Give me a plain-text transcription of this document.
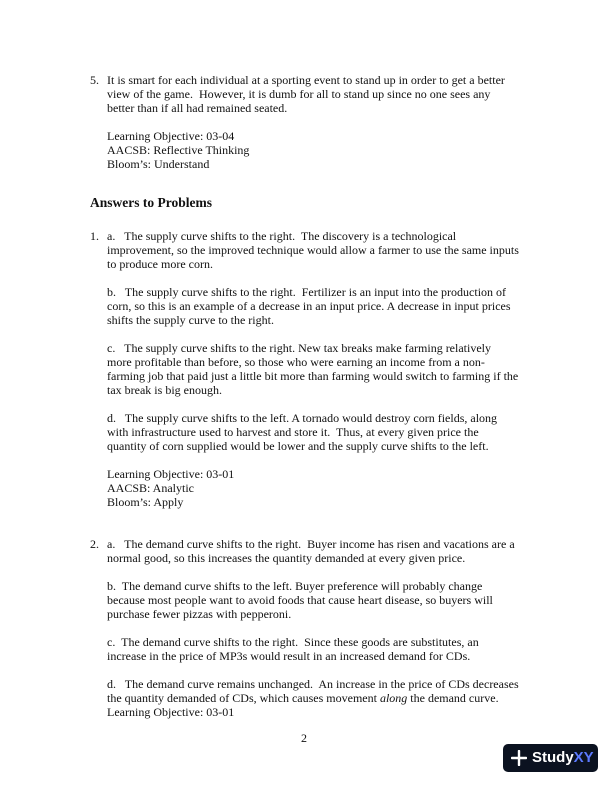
5. It is smart for each individual at a sporting event to stand up in order to get a better
view of the game.  However, it is dumb for all to stand up since no one sees any
better than if all had remained seated.
Learning Objective: 03-04
AACSB: Reflective Thinking
Bloom’s: Understand
Answers to Problems
1. a.   The supply curve shifts to the right.  The discovery is a technological
improvement, so the improved technique would allow a farmer to use the same inputs
to produce more corn.
b.   The supply curve shifts to the right.  Fertilizer is an input into the production of
corn, so this is an example of a decrease in an input price. A decrease in input prices
shifts the supply curve to the right.
c.   The supply curve shifts to the right. New tax breaks make farming relatively
more profitable than before, so those who were earning an income from a non-
farming job that paid just a little bit more than farming would switch to farming if the
tax break is big enough.
d.   The supply curve shifts to the left. A tornado would destroy corn fields, along
with infrastructure used to harvest and store it.  Thus, at every given price the
quantity of corn supplied would be lower and the supply curve shifts to the left.
Learning Objective: 03-01
AACSB: Analytic
Bloom’s: Apply
2. a.   The demand curve shifts to the right.  Buyer income has risen and vacations are a
normal good, so this increases the quantity demanded at every given price.
b.  The demand curve shifts to the left. Buyer preference will probably change
because most people want to avoid foods that cause heart disease, so buyers will
purchase fewer pizzas with pepperoni.
c.  The demand curve shifts to the right.  Since these goods are substitutes, an
increase in the price of MP3s would result in an increased demand for CDs.
d.   The demand curve remains unchanged.  An increase in the price of CDs decreases
the quantity demanded of CDs, which causes movement along the demand curve.
Learning Objective: 03-01
2
StudyXY
